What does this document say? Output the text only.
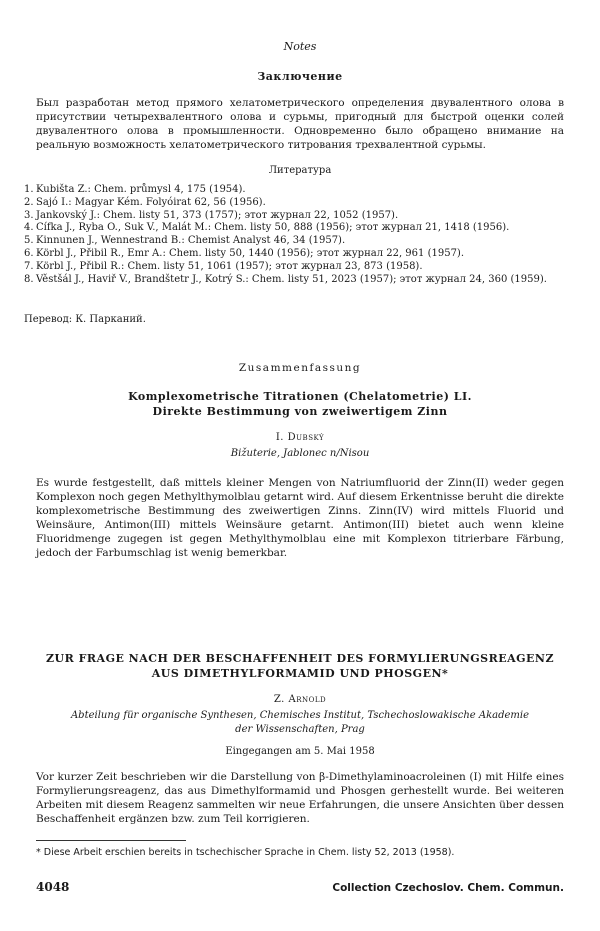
Notes
Заключение
Был разработан метод прямого хелатометрического определения двувалентного олова в присутствии четырехвалентного олова и сурьмы, пригодный для быстрой оценки солей двувалентного олова в промышленности. Одновременно было обращено внимание на реальную возможность хелатометрического титрования трехвалентной сурьмы.
Литература
1. Kubišta Z.: Chem. průmysl 4, 175 (1954).
2. Sajó I.: Magyar Kém. Folyóirat 62, 56 (1956).
3. Jankovský J.: Chem. listy 51, 373 (1757); этот журнал 22, 1052 (1957).
4. Cífka J., Ryba O., Suk V., Malát M.: Chem. listy 50, 888 (1956); этот журнал 21, 1418 (1956).
5. Kinnunen J., Wennestrand B.: Chemist Analyst 46, 34 (1957).
6. Körbl J., Přibil R., Emr A.: Chem. listy 50, 1440 (1956); этот журнал 22, 961 (1957).
7. Körbl J., Přibil R.: Chem. listy 51, 1061 (1957); этот журнал 23, 873 (1958).
8. Věstšál J., Haviř V., Brandštetr J., Kotrý S.: Chem. listy 51, 2023 (1957); этот журнал 24, 360 (1959).
Перевод: К. Парканий.
Zusammenfassung
Komplexometrische Titrationen (Chelatometrie) LI.
Direkte Bestimmung von zweiwertigem Zinn
I. Dubský
Bižuterie, Jablonec n/Nisou
Es wurde festgestellt, daß mittels kleiner Mengen von Natriumfluorid der Zinn(II) weder gegen Komplexon noch gegen Methylthymolblau getarnt wird. Auf diesem Erkentnisse beruht die direkte komplexometrische Bestimmung des zweiwertigen Zinns. Zinn(IV) wird mittels Fluorid und Weinsäure, Antimon(III) mittels Weinsäure getarnt. Antimon(III) bietet auch wenn kleine Fluoridmenge zugegen ist gegen Methylthymolblau eine mit Komplexon titrierbare Färbung, jedoch der Farbumschlag ist wenig bemerkbar.
ZUR FRAGE NACH DER BESCHAFFENHEIT DES FORMYLIERUNGSREAGENZ
AUS DIMETHYLFORMAMID UND PHOSGEN*
Z. Arnold
Abteilung für organische Synthesen, Chemisches Institut, Tschechoslowakische Akademie
der Wissenschaften, Prag
Eingegangen am 5. Mai 1958
Vor kurzer Zeit beschrieben wir die Darstellung von β-Dimethylaminoacroleinen (I) mit Hilfe eines Formylierungsreagenz, das aus Dimethylformamid und Phosgen gerhestellt wurde. Bei weiteren Arbeiten mit diesem Reagenz sammelten wir neue Erfahrungen, die unsere Ansichten über dessen Beschaffenheit ergänzen bzw. zum Teil korrigieren.
* Diese Arbeit erschien bereits in tschechischer Sprache in Chem. listy 52, 2013 (1958).
4048	Collection Czechoslov. Chem. Commun.
